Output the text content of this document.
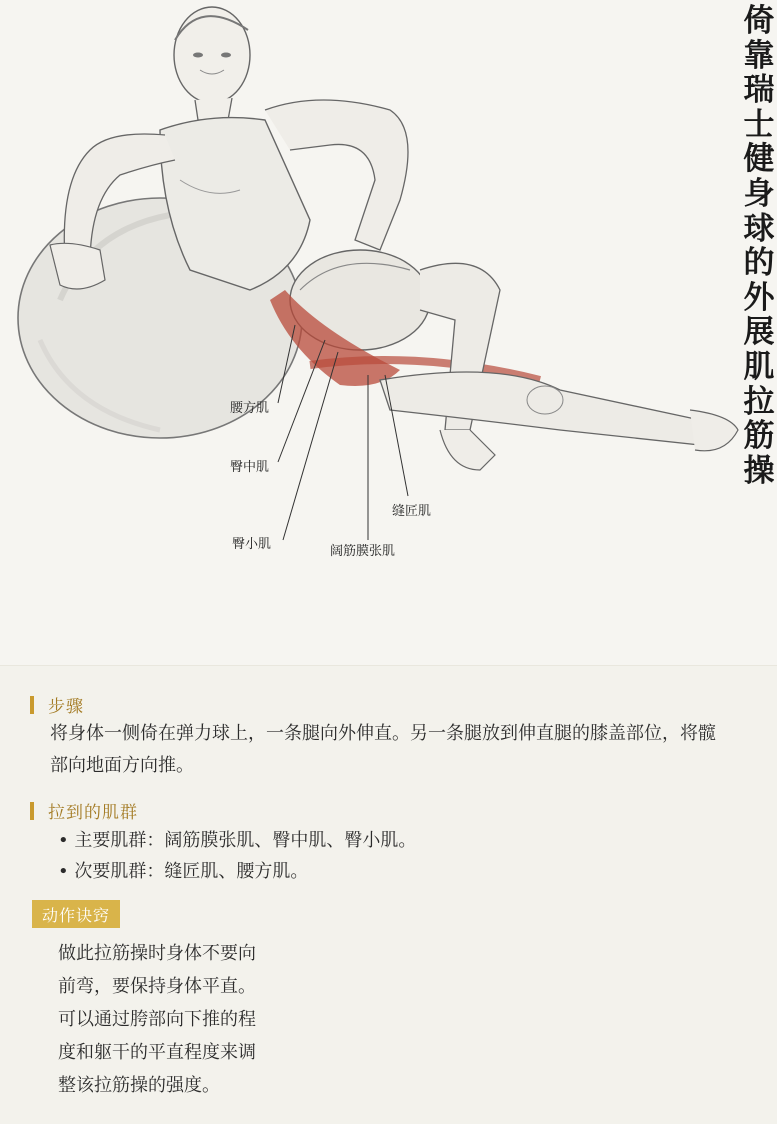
腰方肌
臀中肌
臀小肌	阔筋膜张肌
缝匠肌
倚靠瑞士健身球的外展肌拉筋操
步骤
将身体一侧倚在弹力球上，一条腿向外伸直。另一条腿放到伸直腿的膝盖部位，将髋部向地面方向推。
拉到的肌群
• 主要肌群：阔筋膜张肌、臀中肌、臀小肌。
• 次要肌群：缝匠肌、腰方肌。
动作诀窍
做此拉筋操时身体不要向
前弯，要保持身体平直。
可以通过胯部向下推的程
度和躯干的平直程度来调
整该拉筋操的强度。
